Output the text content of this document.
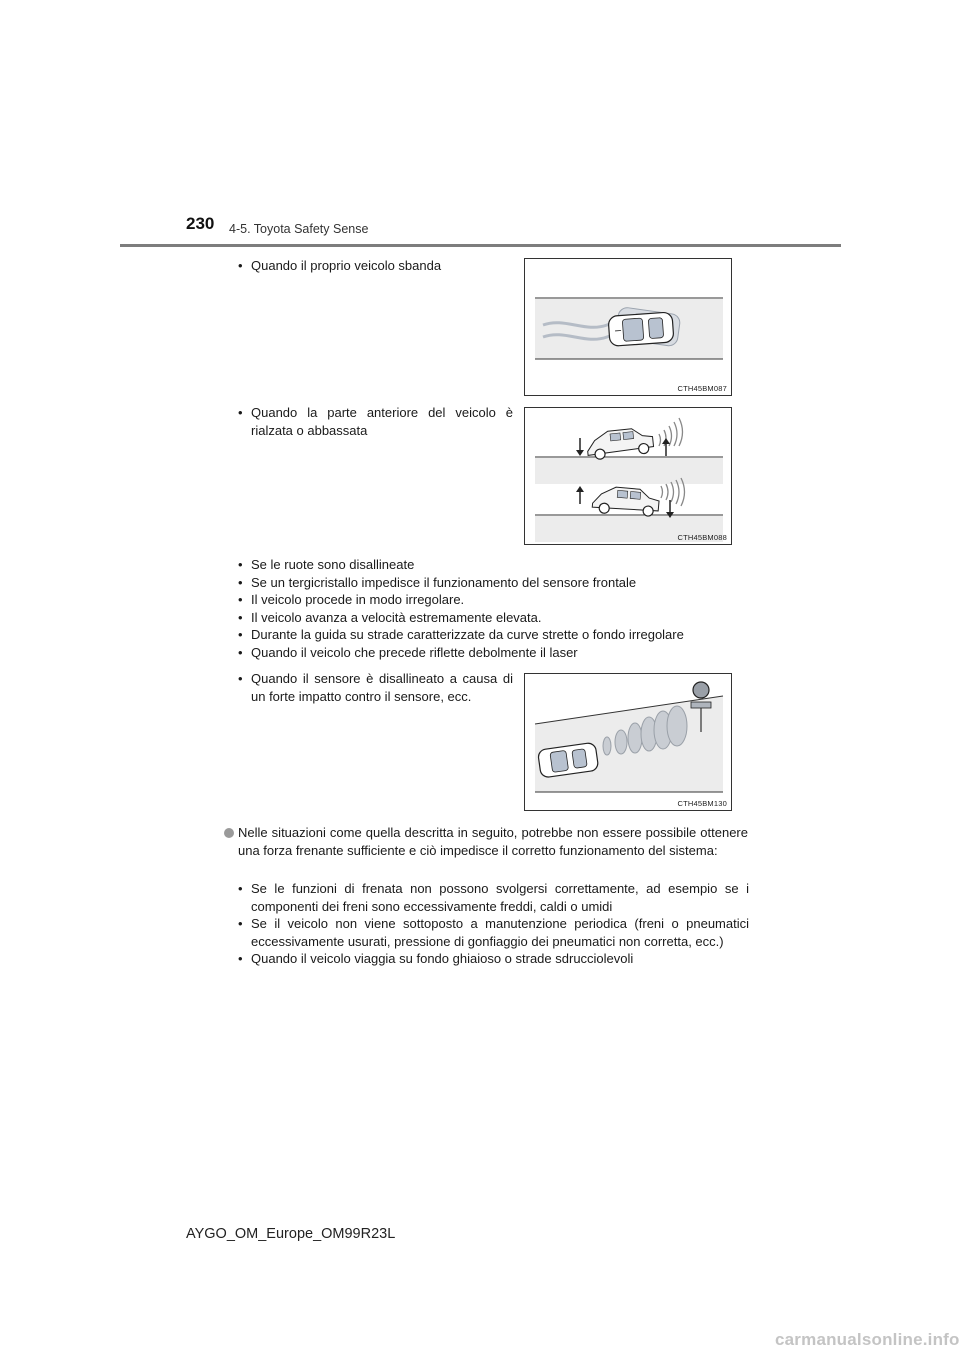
230 4-5. Toyota Safety Sense
• Quando il proprio veicolo sbanda
CTH45BM087
• Quando la parte anteriore del veicolo è rialzata o abbassata
CTH45BM088
• Se le ruote sono disallineate
• Se un tergicristallo impedisce il funzionamento del sensore frontale
• Il veicolo procede in modo irregolare.
• Il veicolo avanza a velocità estremamente elevata.
• Durante la guida su strade caratterizzate da curve strette o fondo irregolare
• Quando il veicolo che precede riflette debolmente il laser
• Quando il sensore è disallineato a causa di un forte impatto contro il sensore, ecc.
CTH45BM130
Nelle situazioni come quella descritta in seguito, potrebbe non essere possibile ottenere una forza frenante sufficiente e ciò impedisce il corretto funzionamento del sistema:
• Se le funzioni di frenata non possono svolgersi correttamente, ad esempio se i componenti dei freni sono eccessivamente freddi, caldi o umidi
• Se il veicolo non viene sottoposto a manutenzione periodica (freni o pneumatici eccessivamente usurati, pressione di gonfiaggio dei pneumatici non corretta, ecc.)
• Quando il veicolo viaggia su fondo ghiaioso o strade sdrucciolevoli
AYGO_OM_Europe_OM99R23L
carmanualsonline.info
